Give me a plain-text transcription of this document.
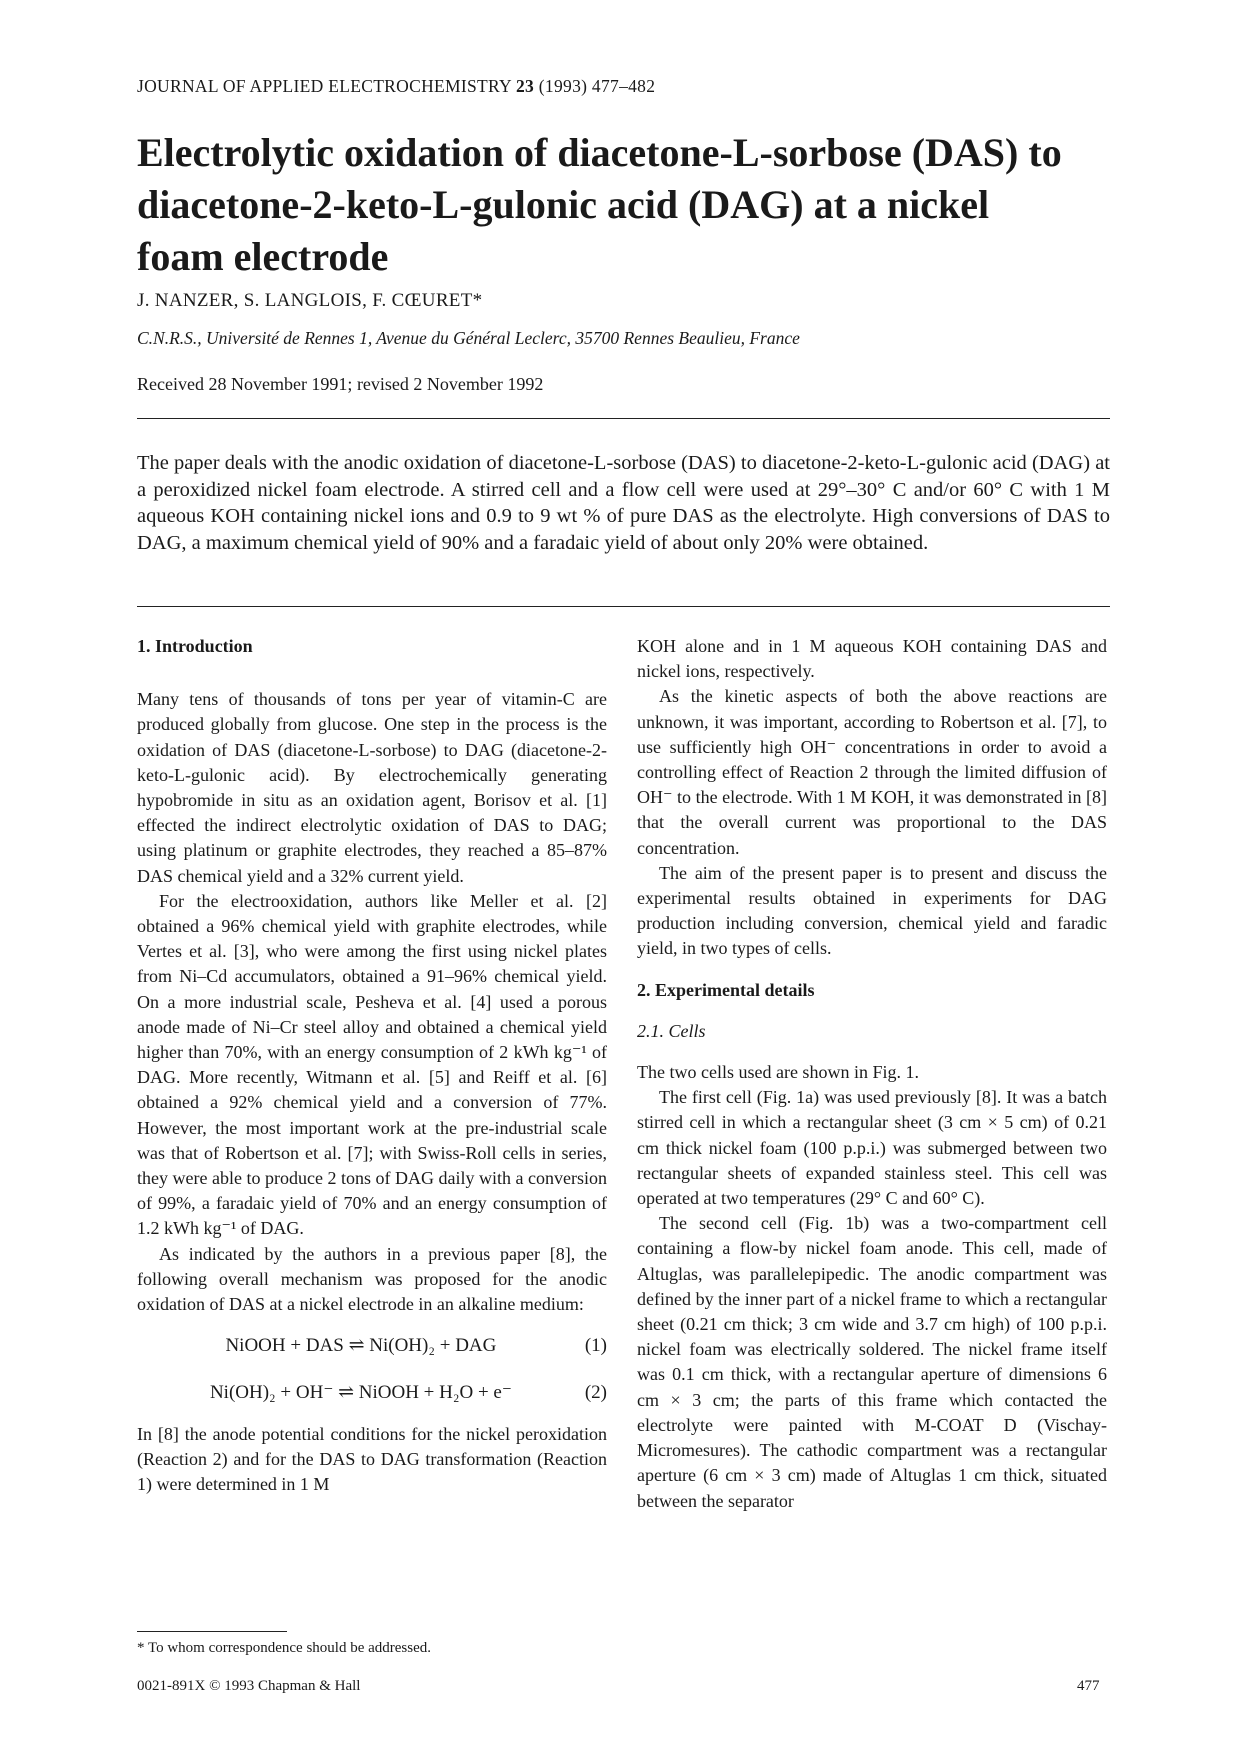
JOURNAL OF APPLIED ELECTROCHEMISTRY 23 (1993) 477–482
Electrolytic oxidation of diacetone-L-sorbose (DAS) to
diacetone-2-keto-L-gulonic acid (DAG) at a nickel
foam electrode
J. NANZER, S. LANGLOIS, F. CŒURET*
C.N.R.S., Université de Rennes 1, Avenue du Général Leclerc, 35700 Rennes Beaulieu, France
Received 28 November 1991; revised 2 November 1992

The paper deals with the anodic oxidation of diacetone-L-sorbose (DAS) to diacetone-2-keto-L-gulonic acid (DAG) at a peroxidized nickel foam electrode. A stirred cell and a flow cell were used at 29°–30° C and/or 60° C with 1 M aqueous KOH containing nickel ions and 0.9 to 9 wt % of pure DAS as the electrolyte. High conversions of DAS to DAG, a maximum chemical yield of 90% and a faradaic yield of about only 20% were obtained.

1. Introduction

Many tens of thousands of tons per year of vitamin-C are produced globally from glucose. One step in the process is the oxidation of DAS (diacetone-L-sorbose) to DAG (diacetone-2-keto-L-gulonic acid). By electrochemically generating hypobromide in situ as an oxidation agent, Borisov et al. [1] effected the indirect electrolytic oxidation of DAS to DAG; using platinum or graphite electrodes, they reached a 85–87% DAS chemical yield and a 32% current yield.

For the electrooxidation, authors like Meller et al. [2] obtained a 96% chemical yield with graphite electrodes, while Vertes et al. [3], who were among the first using nickel plates from Ni–Cd accumulators, obtained a 91–96% chemical yield. On a more industrial scale, Pesheva et al. [4] used a porous anode made of Ni–Cr steel alloy and obtained a chemical yield higher than 70%, with an energy consumption of 2 kWh kg⁻¹ of DAG. More recently, Witmann et al. [5] and Reiff et al. [6] obtained a 92% chemical yield and a conversion of 77%. However, the most important work at the pre-industrial scale was that of Robertson et al. [7]; with Swiss-Roll cells in series, they were able to produce 2 tons of DAG daily with a conversion of 99%, a faradaic yield of 70% and an energy consumption of 1.2 kWh kg⁻¹ of DAG.

As indicated by the authors in a previous paper [8], the following overall mechanism was proposed for the anodic oxidation of DAS at a nickel electrode in an alkaline medium:

NiOOH + DAS ⇌ Ni(OH)₂ + DAG	(1)
Ni(OH)₂ + OH⁻ ⇌ NiOOH + H₂O + e⁻	(2)

In [8] the anode potential conditions for the nickel peroxidation (Reaction 2) and for the DAS to DAG transformation (Reaction 1) were determined in 1 M

KOH alone and in 1 M aqueous KOH containing DAS and nickel ions, respectively.

As the kinetic aspects of both the above reactions are unknown, it was important, according to Robertson et al. [7], to use sufficiently high OH⁻ concentrations in order to avoid a controlling effect of Reaction 2 through the limited diffusion of OH⁻ to the electrode. With 1 M KOH, it was demonstrated in [8] that the overall current was proportional to the DAS concentration.

The aim of the present paper is to present and discuss the experimental results obtained in experiments for DAG production including conversion, chemical yield and faradic yield, in two types of cells.

2. Experimental details

2.1. Cells

The two cells used are shown in Fig. 1.

The first cell (Fig. 1a) was used previously [8]. It was a batch stirred cell in which a rectangular sheet (3 cm × 5 cm) of 0.21 cm thick nickel foam (100 p.p.i.) was submerged between two rectangular sheets of expanded stainless steel. This cell was operated at two temperatures (29° C and 60° C).

The second cell (Fig. 1b) was a two-compartment cell containing a flow-by nickel foam anode. This cell, made of Altuglas, was parallelepipedic. The anodic compartment was defined by the inner part of a nickel frame to which a rectangular sheet (0.21 cm thick; 3 cm wide and 3.7 cm high) of 100 p.p.i. nickel foam was electrically soldered. The nickel frame itself was 0.1 cm thick, with a rectangular aperture of dimensions 6 cm × 3 cm; the parts of this frame which contacted the electrolyte were painted with M-COAT D (Vischay-Micromesures). The cathodic compartment was a rectangular aperture (6 cm × 3 cm) made of Altuglas 1 cm thick, situated between the separator

* To whom correspondence should be addressed.
0021-891X © 1993 Chapman & Hall	477
